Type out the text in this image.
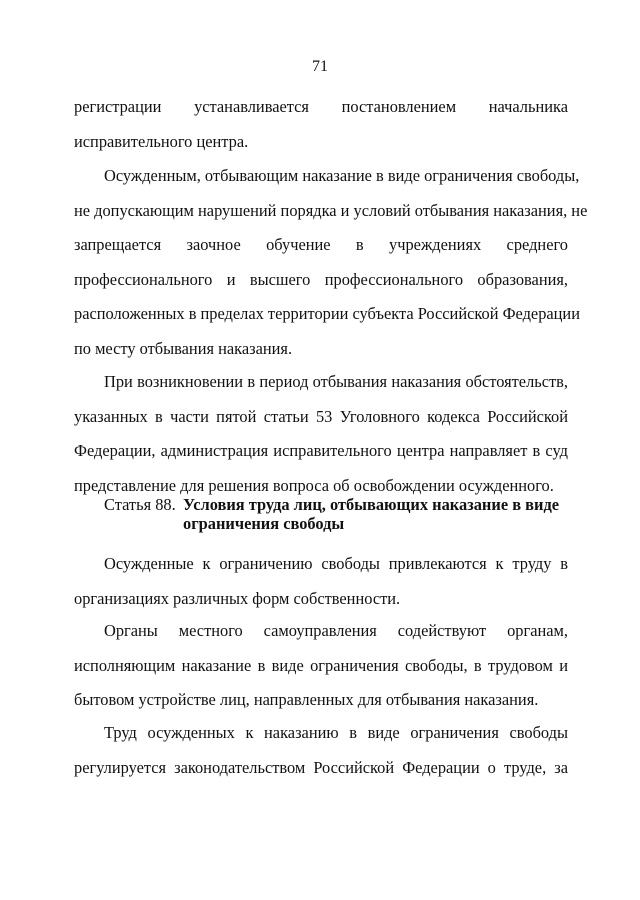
71
регистрации устанавливается постановлением начальника
исправительного центра.
Осужденным, отбывающим наказание в виде ограничения свободы,
не допускающим нарушений порядка и условий отбывания наказания, не
запрещается заочное обучение в учреждениях среднего
профессионального и высшего профессионального образования,
расположенных в пределах территории субъекта Российской Федерации
по месту отбывания наказания.
При возникновении в период отбывания наказания обстоятельств,
указанных в части пятой статьи 53 Уголовного кодекса Российской
Федерации, администрация исправительного центра направляет в суд
представление для решения вопроса об освобождении осужденного.
Статья 88. Условия труда лиц, отбывающих наказание в виде ограничения свободы
Осужденные к ограничению свободы привлекаются к труду в
организациях различных форм собственности.
Органы местного самоуправления содействуют органам,
исполняющим наказание в виде ограничения свободы, в трудовом и
бытовом устройстве лиц, направленных для отбывания наказания.
Труд осужденных к наказанию в виде ограничения свободы
регулируется законодательством Российской Федерации о труде, за
